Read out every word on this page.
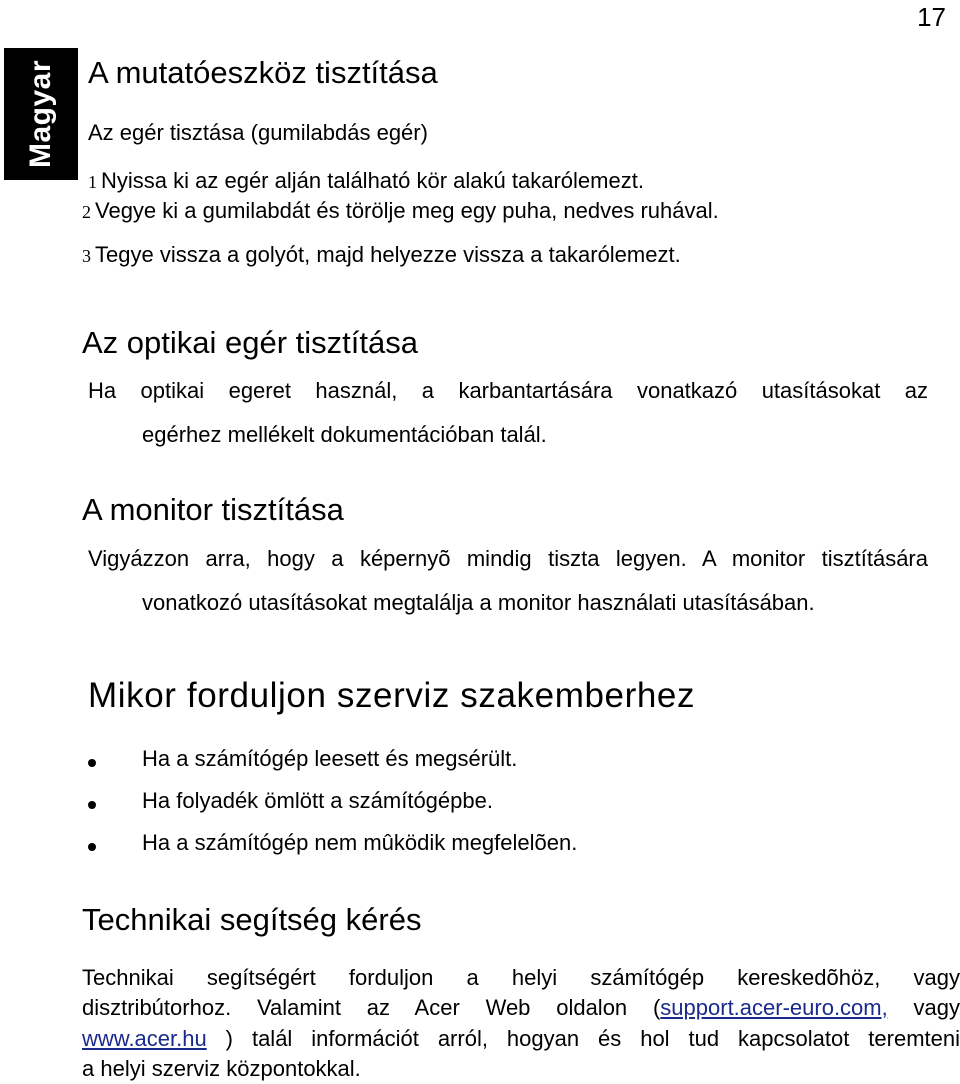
17
Magyar A mutatóeszköz tisztítása
Az egér tisztása (gumilabdás egér)
1 Nyissa ki az egér alján található kör alakú takarólemezt.
2 Vegye ki a gumilabdát és törölje meg egy puha, nedves ruhával.
3 Tegye vissza a golyót, majd helyezze vissza a takarólemezt.
Az optikai egér tisztítása
Ha optikai egeret használ, a karbantartására vonatkazó utasításokat az
egérhez mellékelt dokumentációban talál.
A monitor tisztítása
Vigyázzon arra, hogy a képernyõ mindig tiszta legyen. A monitor tisztítására
vonatkozó utasításokat megtalálja a monitor használati utasításában.
Mikor forduljon szerviz szakemberhez
Ha a számítógép leesett és megsérült.
Ha folyadék ömlött a számítógépbe.
Ha a számítógép nem mûködik megfelelõen.
Technikai segítség kérés
Technikai segítségért forduljon a helyi számítógép kereskedõhöz, vagy
disztribútorhoz. Valamint az Acer Web oldalon (support.acer-euro.com, vagy
www.acer.hu ) talál információt arról, hogyan és hol tud kapcsolatot teremteni
a helyi szerviz központokkal.
